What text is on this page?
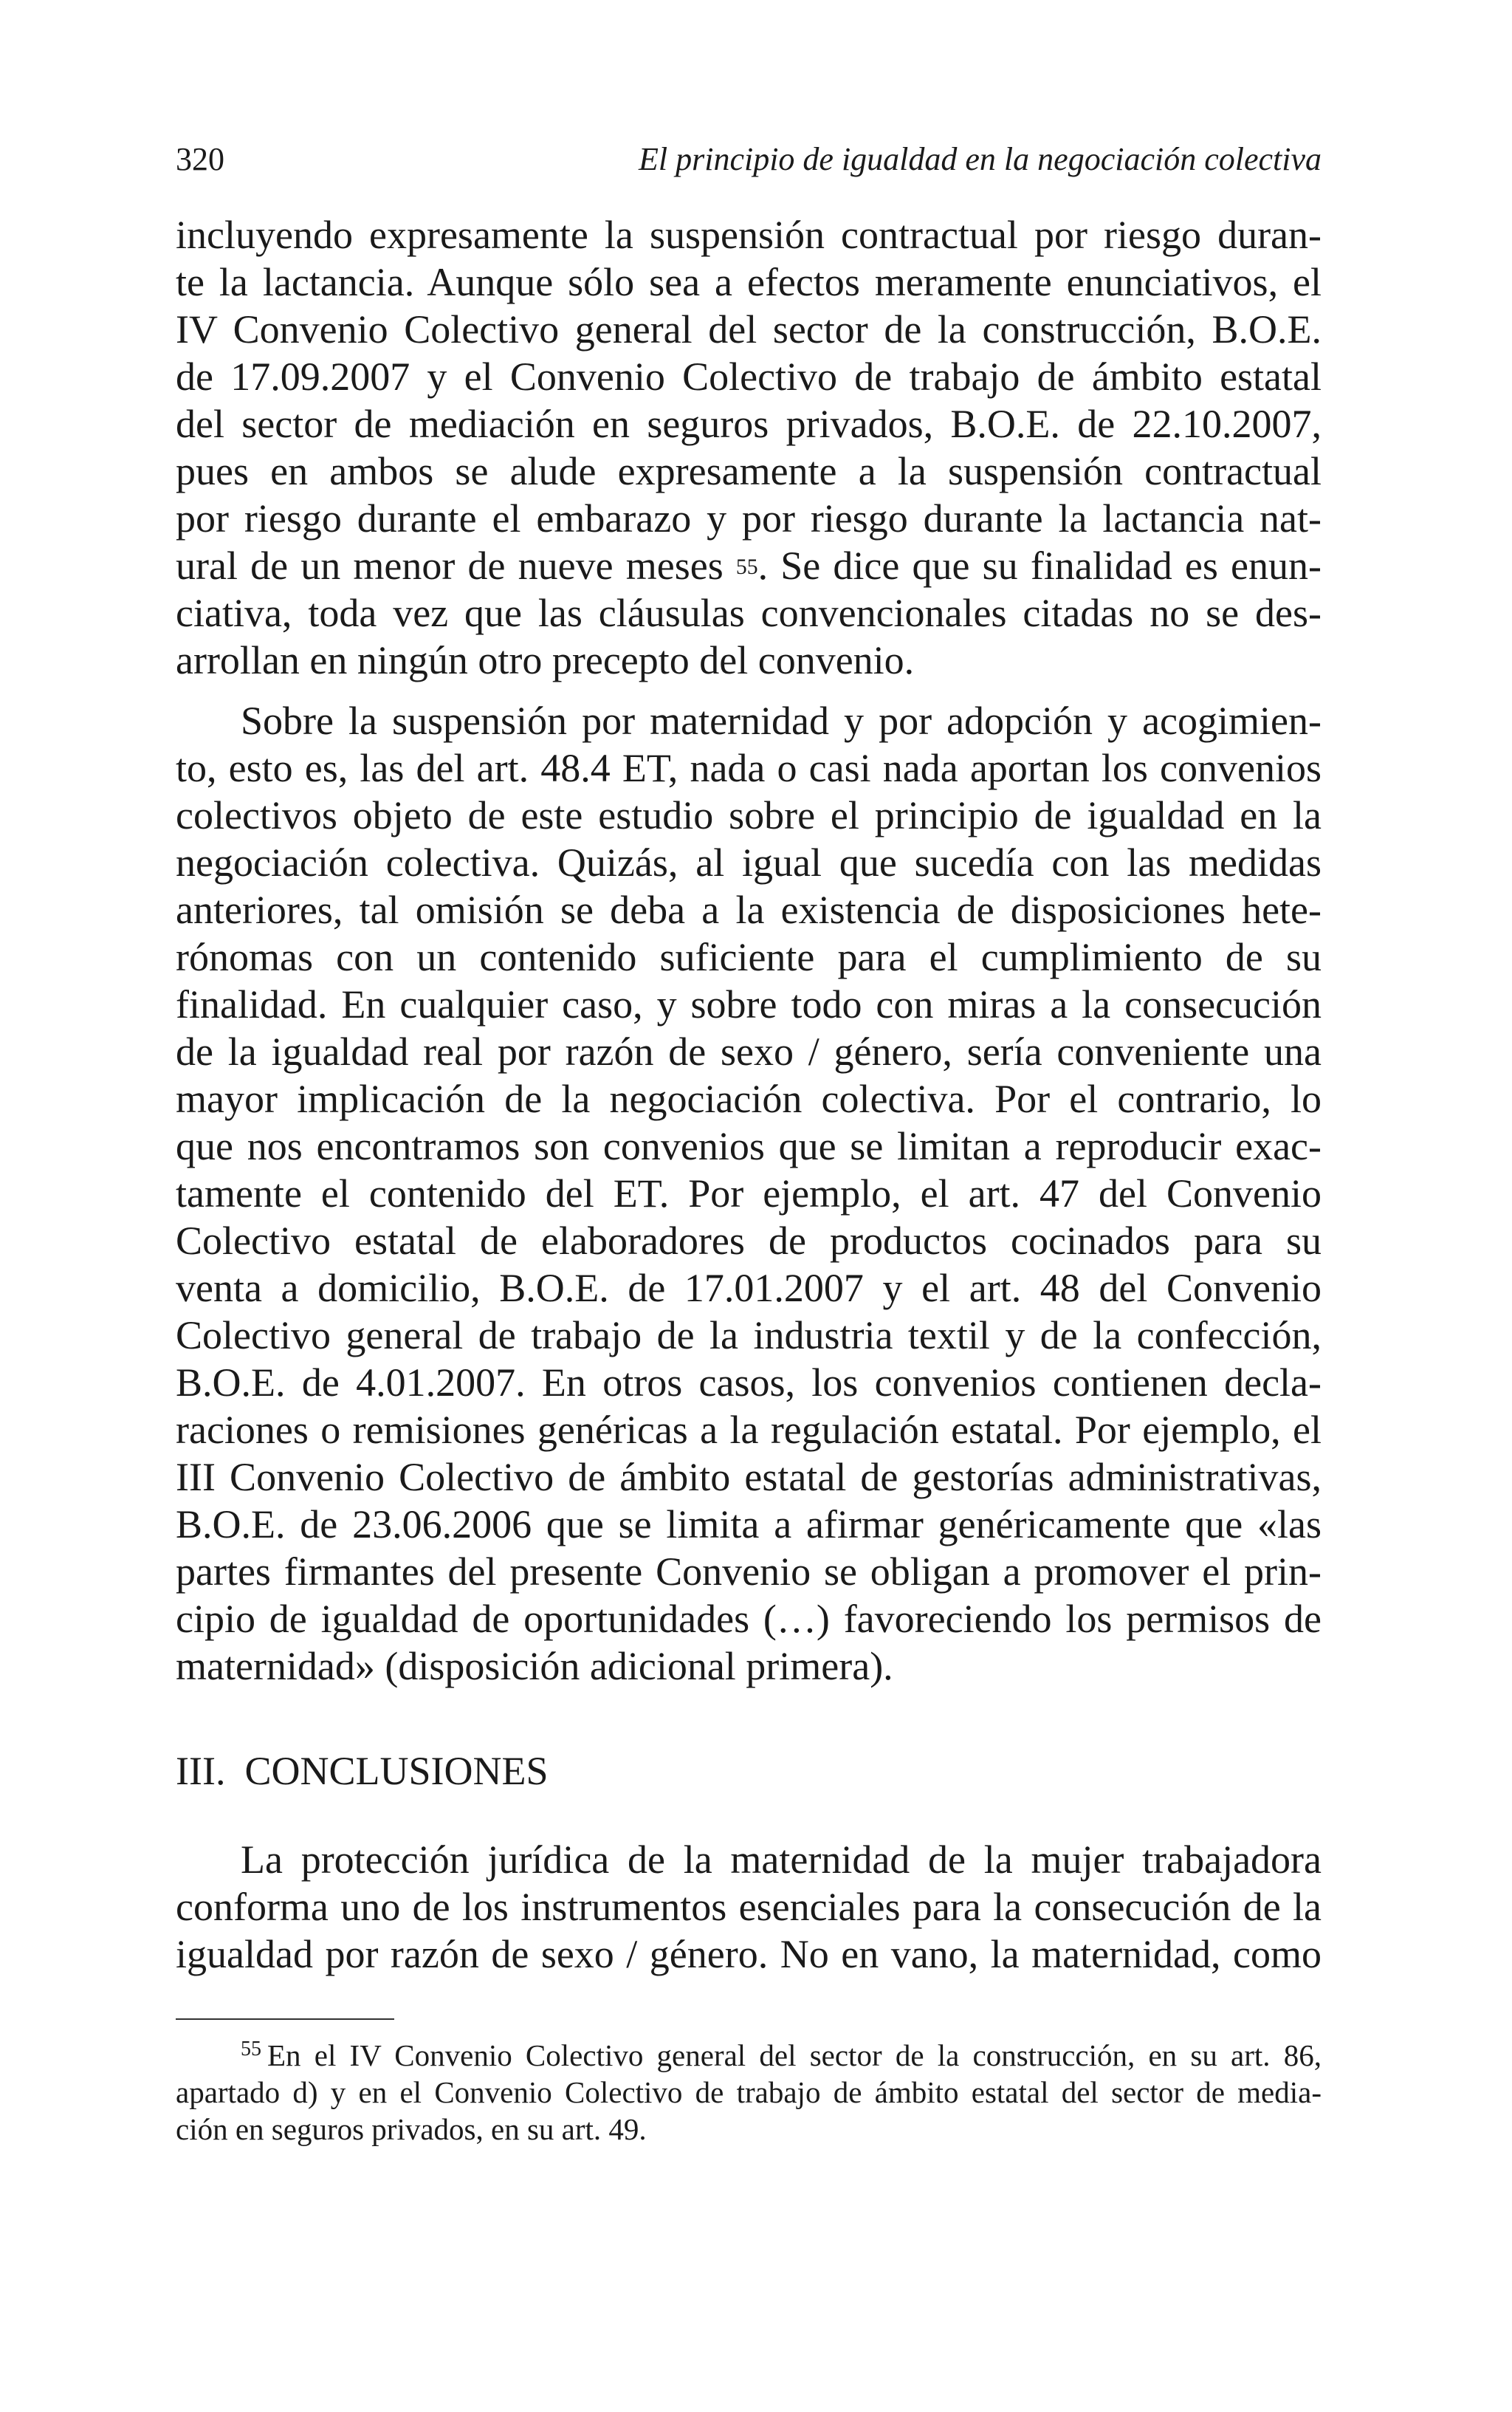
320	El principio de igualdad en la negociación colectiva
incluyendo expresamente la suspensión contractual por riesgo duran-
te la lactancia. Aunque sólo sea a efectos meramente enunciativos, el
IV Convenio Colectivo general del sector de la construcción, B.O.E.
de 17.09.2007 y el Convenio Colectivo de trabajo de ámbito estatal
del sector de mediación en seguros privados, B.O.E. de 22.10.2007,
pues en ambos se alude expresamente a la suspensión contractual
por riesgo durante el embarazo y por riesgo durante la lactancia nat-
ural de un menor de nueve meses $^{55}$. Se dice que su finalidad es enun-
ciativa, toda vez que las cláusulas convencionales citadas no se des-
arrollan en ningún otro precepto del convenio.
Sobre la suspensión por maternidad y por adopción y acogimien-
to, esto es, las del art. 48.4 ET, nada o casi nada aportan los convenios
colectivos objeto de este estudio sobre el principio de igualdad en la
negociación colectiva. Quizás, al igual que sucedía con las medidas
anteriores, tal omisión se deba a la existencia de disposiciones hete-
rónomas con un contenido suficiente para el cumplimiento de su
finalidad. En cualquier caso, y sobre todo con miras a la consecución
de la igualdad real por razón de sexo / género, sería conveniente una
mayor implicación de la negociación colectiva. Por el contrario, lo
que nos encontramos son convenios que se limitan a reproducir exac-
tamente el contenido del ET. Por ejemplo, el art. 47 del Convenio
Colectivo estatal de elaboradores de productos cocinados para su
venta a domicilio, B.O.E. de 17.01.2007 y el art. 48 del Convenio
Colectivo general de trabajo de la industria textil y de la confección,
B.O.E. de 4.01.2007. En otros casos, los convenios contienen decla-
raciones o remisiones genéricas a la regulación estatal. Por ejemplo, el
III Convenio Colectivo de ámbito estatal de gestorías administrativas,
B.O.E. de 23.06.2006 que se limita a afirmar genéricamente que «las
partes firmantes del presente Convenio se obligan a promover el prin-
cipio de igualdad de oportunidades (…) favoreciendo los permisos de
maternidad» (disposición adicional primera).
III. CONCLUSIONES
La protección jurídica de la maternidad de la mujer trabajadora
conforma uno de los instrumentos esenciales para la consecución de la
igualdad por razón de sexo / género. No en vano, la maternidad, como
$^{55}$ En el IV Convenio Colectivo general del sector de la construcción, en su art. 86,
apartado d) y en el Convenio Colectivo de trabajo de ámbito estatal del sector de media-
ción en seguros privados, en su art. 49.
